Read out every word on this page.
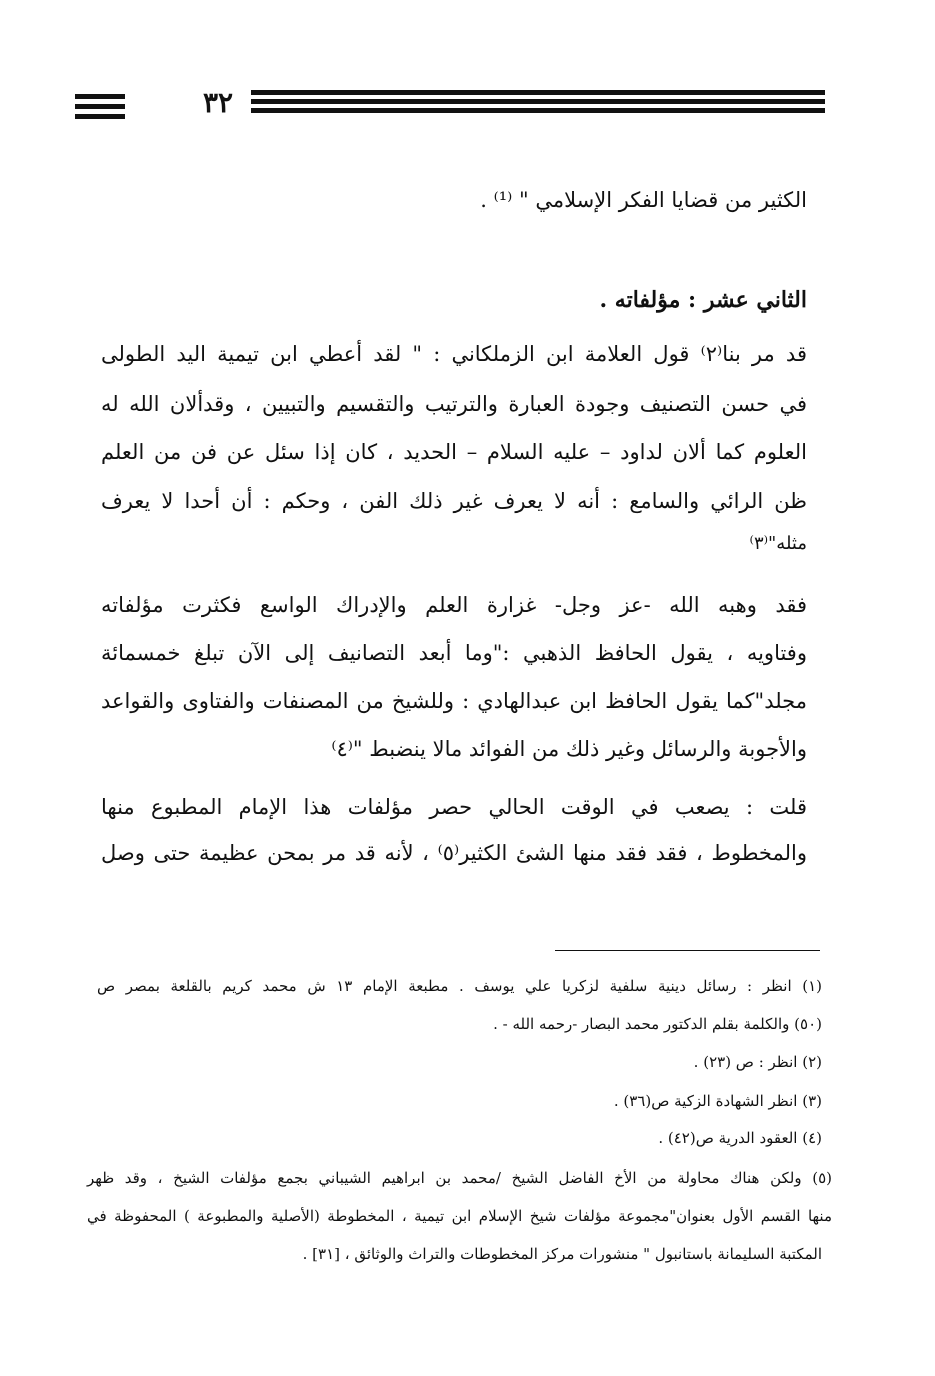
٣٢
الكثير من قضايا الفكر الإسلامي " ⁽¹⁾ .
الثاني عشر : مؤلفاته .
قد مر بنا⁽٢⁾ قول العلامة ابن الزملكاني : " لقد أعطي ابن تيمية اليد الطولى
في حسن التصنيف وجودة العبارة والترتيب والتقسيم والتبيين ، وقدألان الله له
العلوم كما ألان لداود – عليه السلام – الحديد ، كان إذا سئل عن فن من العلم
ظن الرائي والسامع : أنه لا يعرف غير ذلك الفن ، وحكم : أن أحدا لا يعرف
مثله"⁽٣⁾
فقد وهبه الله -عز وجل- غزارة العلم والإدراك الواسع فكثرت مؤلفاته
وفتاويه ، يقول الحافظ الذهبي :"وما أبعد التصانيف إلى الآن تبلغ خمسمائة
مجلد"كما يقول الحافظ ابن عبدالهادي : وللشيخ من المصنفات والفتاوى والقواعد
والأجوبة والرسائل وغير ذلك من الفوائد مالا ينضبط "⁽٤⁾
قلت : يصعب في الوقت الحالي حصر مؤلفات هذا الإمام المطبوع منها
والمخطوط ، فقد فقد منها الشئ الكثير⁽٥⁾ ، لأنه قد مر بمحن عظيمة حتى وصل
(١) انظر : رسائل دينية سلفية لزكريا علي يوسف . مطبعة الإمام ١٣ ش محمد كريم بالقلعة بمصر ص
(٥٠) والكلمة بقلم الدكتور محمد البصار -رحمه الله - .
(٢) انظر : ص (٢٣) .
(٣) انظر الشهادة الزكية ص(٣٦) .
(٤) العقود الدرية ص(٤٢) .
(٥) ولكن هناك محاولة من الأخ الفاضل الشيخ /محمد بن ابراهيم الشيباني بجمع مؤلفات الشيخ ، وقد ظهر
منها القسم الأول بعنوان"مجموعة مؤلفات شيخ الإسلام ابن تيمية ، المخطوطة (الأصلية والمطبوعة ) المحفوظة في
المكتبة السليمانة باستانبول " منشورات مركز المخطوطات والتراث والوثائق ، [٣١] .
